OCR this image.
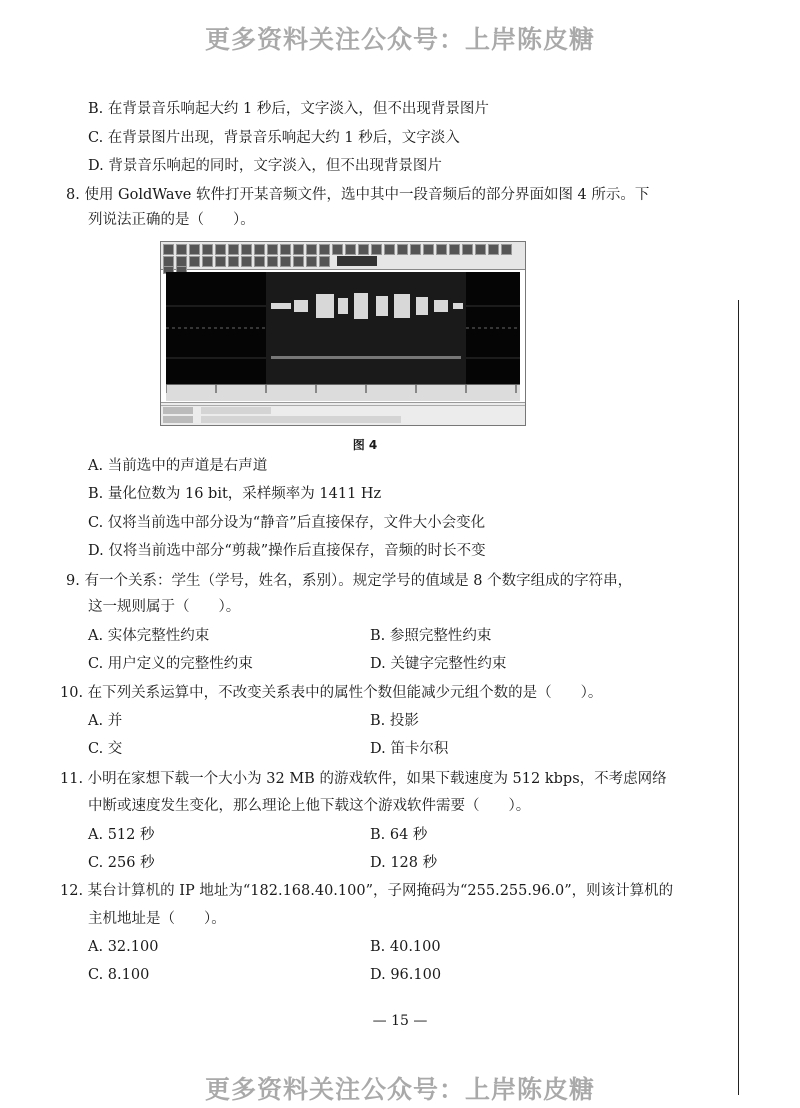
更多资料关注公众号：上岸陈皮糖
B. 在背景音乐响起大约 1 秒后，文字淡入，但不出现背景图片
C. 在背景图片出现，背景音乐响起大约 1 秒后，文字淡入
D. 背景音乐响起的同时，文字淡入，但不出现背景图片
8. 使用 GoldWave 软件打开某音频文件，选中其中一段音频后的部分界面如图 4 所示。下
列说法正确的是（　　）。

图 4
A. 当前选中的声道是右声道
B. 量化位数为 16 bit，采样频率为 1411 Hz
C. 仅将当前选中部分设为“静音”后直接保存，文件大小会变化
D. 仅将当前选中部分“剪裁”操作后直接保存，音频的时长不变
9. 有一个关系：学生（学号，姓名，系别）。规定学号的值域是 8 个数字组成的字符串，
这一规则属于（　　）。
A. 实体完整性约束	B. 参照完整性约束
C. 用户定义的完整性约束	D. 关键字完整性约束
10. 在下列关系运算中，不改变关系表中的属性个数但能减少元组个数的是（　　）。
A. 并	B. 投影
C. 交	D. 笛卡尔积
11. 小明在家想下载一个大小为 32 MB 的游戏软件，如果下载速度为 512 kbps，不考虑网络
中断或速度发生变化，那么理论上他下载这个游戏软件需要（　　）。
A. 512 秒	B. 64 秒
C. 256 秒	D. 128 秒
12. 某台计算机的 IP 地址为“182.168.40.100”，子网掩码为“255.255.96.0”，则该计算机的
主机地址是（　　）。
A. 32.100	B. 40.100
C. 8.100	D. 96.100
— 15 —
更多资料关注公众号：上岸陈皮糖
